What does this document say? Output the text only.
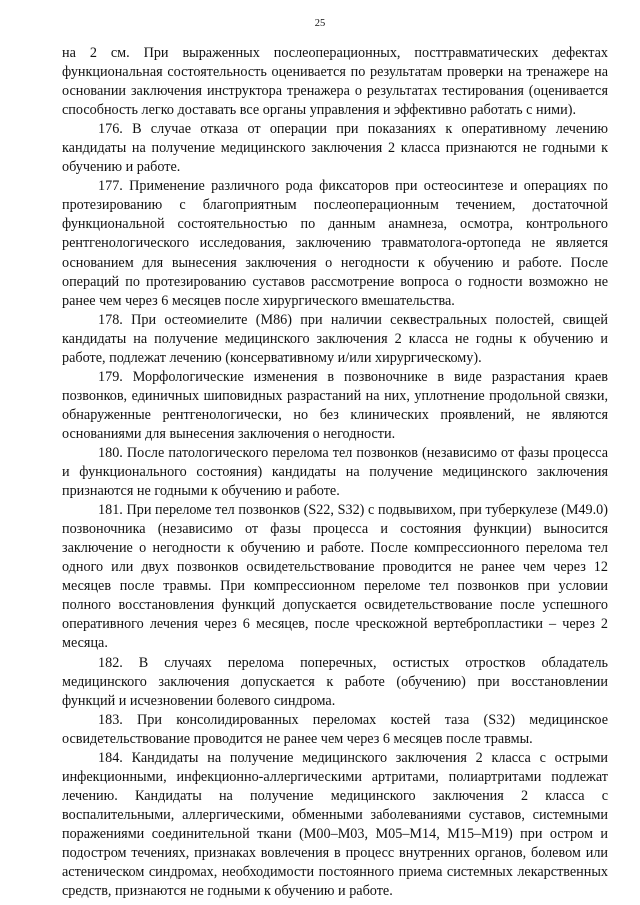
25

на 2 см. При выраженных послеоперационных, посттравматических дефектах функциональная состоятельность оценивается по результатам проверки на тренажере на основании заключения инструктора тренажера о результатах тестирования (оценивается способность легко доставать все органы управления и эффективно работать с ними).

176. В случае отказа от операции при показаниях к оперативному лечению кандидаты на получение медицинского заключения 2 класса признаются не годными к обучению и работе.

177. Применение различного рода фиксаторов при остеосинтезе и операциях по протезированию с благоприятным послеоперационным течением, достаточной функциональной состоятельностью по данным анамнеза, осмотра, контрольного рентгенологического исследования, заключению травматолога-ортопеда не является основанием для вынесения заключения о негодности к обучению и работе. После операций по протезированию суставов рассмотрение вопроса о годности возможно не ранее чем через 6 месяцев после хирургического вмешательства.

178. При остеомиелите (M86) при наличии секвестральных полостей, свищей кандидаты на получение медицинского заключения 2 класса не годны к обучению и работе, подлежат лечению (консервативному и/или хирургическому).

179. Морфологические изменения в позвоночнике в виде разрастания краев позвонков, единичных шиповидных разрастаний на них, уплотнение продольной связки, обнаруженные рентгенологически, но без клинических проявлений, не являются основаниями для вынесения заключения о негодности.

180. После патологического перелома тел позвонков (независимо от фазы процесса и функционального состояния) кандидаты на получение медицинского заключения признаются не годными к обучению и работе.

181. При переломе тел позвонков (S22, S32) с подвывихом, при туберкулезе (M49.0) позвоночника (независимо от фазы процесса и состояния функции) выносится заключение о негодности к обучению и работе. После компрессионного перелома тел одного или двух позвонков освидетельствование проводится не ранее чем через 12 месяцев после травмы. При компрессионном переломе тел позвонков при условии полного восстановления функций допускается освидетельствование после успешного оперативного лечения через 6 месяцев, после чрескожной вертебропластики – через 2 месяца.

182. В случаях перелома поперечных, остистых отростков обладатель медицинского заключения допускается к работе (обучению) при восстановлении функций и исчезновении болевого синдрома.

183. При консолидированных переломах костей таза (S32) медицинское освидетельствование проводится не ранее чем через 6 месяцев после травмы.

184. Кандидаты на получение медицинского заключения 2 класса с острыми инфекционными, инфекционно-аллергическими артритами, полиартритами подлежат лечению. Кандидаты на получение медицинского заключения 2 класса с воспалительными, аллергическими, обменными заболеваниями суставов, системными поражениями соединительной ткани (M00–M03, M05–M14, M15–M19) при остром и подостром течениях, признаках вовлечения в процесс внутренних органов, болевом или астеническом синдромах, необходимости постоянного приема системных лекарственных средств, признаются не годными к обучению и работе.
